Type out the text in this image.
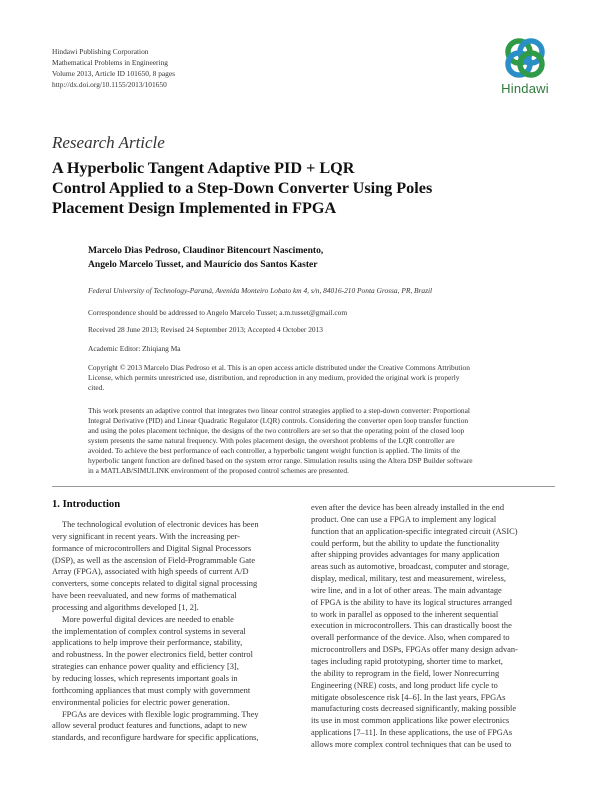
Hindawi Publishing Corporation
Mathematical Problems in Engineering
Volume 2013, Article ID 101650, 8 pages
http://dx.doi.org/10.1155/2013/101650	Hindawi
Research Article
A Hyperbolic Tangent Adaptive PID + LQR
Control Applied to a Step-Down Converter Using Poles
Placement Design Implemented in FPGA
Marcelo Dias Pedroso, Claudinor Bitencourt Nascimento,
Angelo Marcelo Tusset, and Maurício dos Santos Kaster
Federal University of Technology-Paraná, Avenida Monteiro Lobato km 4, s/n, 84016-210 Ponta Grossa, PR, Brazil
Correspondence should be addressed to Angelo Marcelo Tusset; a.m.tusset@gmail.com
Received 28 June 2013; Revised 24 September 2013; Accepted 4 October 2013
Academic Editor: Zhiqiang Ma
Copyright © 2013 Marcelo Dias Pedroso et al. This is an open access article distributed under the Creative Commons Attribution
License, which permits unrestricted use, distribution, and reproduction in any medium, provided the original work is properly
cited.
This work presents an adaptive control that integrates two linear control strategies applied to a step-down converter: Proportional
Integral Derivative (PID) and Linear Quadratic Regulator (LQR) controls. Considering the converter open loop transfer function
and using the poles placement technique, the designs of the two controllers are set so that the operating point of the closed loop
system presents the same natural frequency. With poles placement design, the overshoot problems of the LQR controller are
avoided. To achieve the best performance of each controller, a hyperbolic tangent weight function is applied. The limits of the
hyperbolic tangent function are defined based on the system error range. Simulation results using the Altera DSP Builder software
in a MATLAB/SIMULINK environment of the proposed control schemes are presented.
1. Introduction
The technological evolution of electronic devices has been
very significant in recent years. With the increasing per-
formance of microcontrollers and Digital Signal Processors
(DSP), as well as the ascension of Field-Programmable Gate
Array (FPGA), associated with high speeds of current A/D
converters, some concepts related to digital signal processing
have been reevaluated, and new forms of mathematical
processing and algorithms developed [1, 2].
More powerful digital devices are needed to enable
the implementation of complex control systems in several
applications to help improve their performance, stability,
and robustness. In the power electronics field, better control
strategies can enhance power quality and efficiency [3],
by reducing losses, which represents important goals in
forthcoming appliances that must comply with government
environmental policies for electric power generation.
FPGAs are devices with flexible logic programming. They
allow several product features and functions, adapt to new
standards, and reconfigure hardware for specific applications,
even after the device has been already installed in the end
product. One can use a FPGA to implement any logical
function that an application-specific integrated circuit (ASIC)
could perform, but the ability to update the functionality
after shipping provides advantages for many application
areas such as automotive, broadcast, computer and storage,
display, medical, military, test and measurement, wireless,
wire line, and in a lot of other areas. The main advantage
of FPGA is the ability to have its logical structures arranged
to work in parallel as opposed to the inherent sequential
execution in microcontrollers. This can drastically boost the
overall performance of the device. Also, when compared to
microcontrollers and DSPs, FPGAs offer many design advan-
tages including rapid prototyping, shorter time to market,
the ability to reprogram in the field, lower Nonrecurring
Engineering (NRE) costs, and long product life cycle to
mitigate obsolescence risk [4–6]. In the last years, FPGAs
manufacturing costs decreased significantly, making possible
its use in most common applications like power electronics
applications [7–11]. In these applications, the use of FPGAs
allows more complex control techniques that can be used to
